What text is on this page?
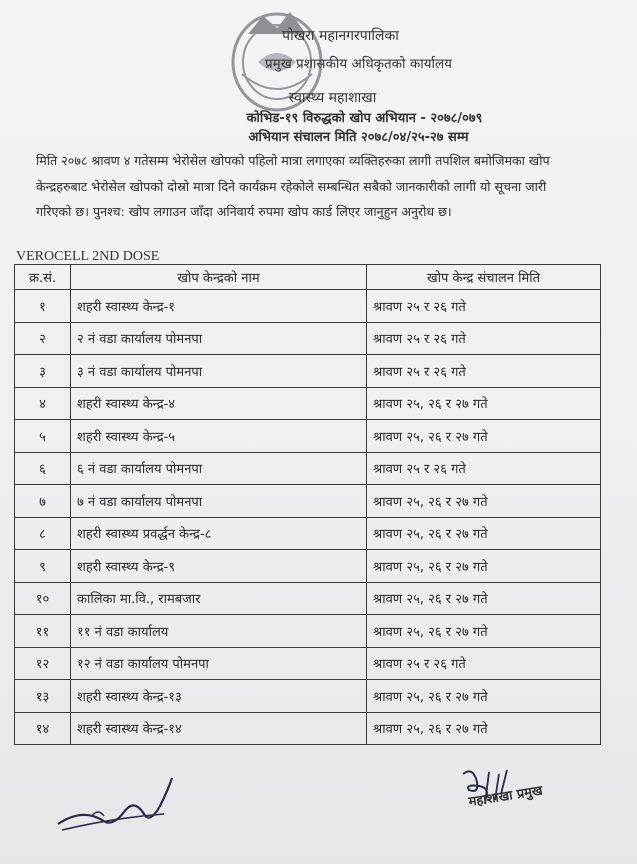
पोखरा महानगरपालिका
प्रमुख प्रशासकीय अधिकृतको कार्यालय
स्वास्थ्य महाशाखा
कोभिड-१९ विरुद्धको खोप अभियान - २०७८/०७९
अभियान संचालन मिति २०७८/०४/२५-२७ सम्म
मिति २०७८ श्रावण ४ गतेसम्म भेरोसेल खोपको पहिलो मात्रा लगाएका व्यक्तिहरुका लागी तपशिल बमोजिमका खोप केन्द्रहरुबाट भेरोसेल खोपको दोस्रो मात्रा दिने कार्यक्रम रहेकोले सम्बन्धित सबैको जानकारीको लागी यो सूचना जारी गरिएको छ। पुनश्च: खोप लगाउन जाँदा अनिवार्य रुपमा खोप कार्ड लिएर जानुहुन अनुरोध छ।
VEROCELL 2ND DOSE
क्र.सं.	खोप केन्द्रको नाम	खोप केन्द्र संचालन मिति
१	शहरी स्वास्थ्य केन्द्र-१	श्रावण २५ र २६ गते
२	२ नं वडा कार्यालय पोमनपा	श्रावण २५ र २६ गते
३	३ नं वडा कार्यालय पोमनपा	श्रावण २५ र २६ गते
४	शहरी स्वास्थ्य केन्द्र-४	श्रावण २५, २६ र २७ गते
५	शहरी स्वास्थ्य केन्द्र-५	श्रावण २५, २६ र २७ गते
६	६ नं वडा कार्यालय पोमनपा	श्रावण २५ र २६ गते
७	७ नं वडा कार्यालय पोमनपा	श्रावण २५, २६ र २७ गते
८	शहरी स्वास्थ्य प्रवर्द्धन केन्द्र-८	श्रावण २५, २६ र २७ गते
९	शहरी स्वास्थ्य केन्द्र-९	श्रावण २५, २६ र २७ गते
१०	कालिका मा.वि., रामबजार	श्रावण २५, २६ र २७ गते
११	११ नं वडा कार्यालय	श्रावण २५, २६ र २७ गते
१२	१२ नं वडा कार्यालय पोमनपा	श्रावण २५ र २६ गते
१३	शहरी स्वास्थ्य केन्द्र-१३	श्रावण २५, २६ र २७ गते
१४	शहरी स्वास्थ्य केन्द्र-१४	श्रावण २५, २६ र २७ गते
महाशाखा प्रमुख
